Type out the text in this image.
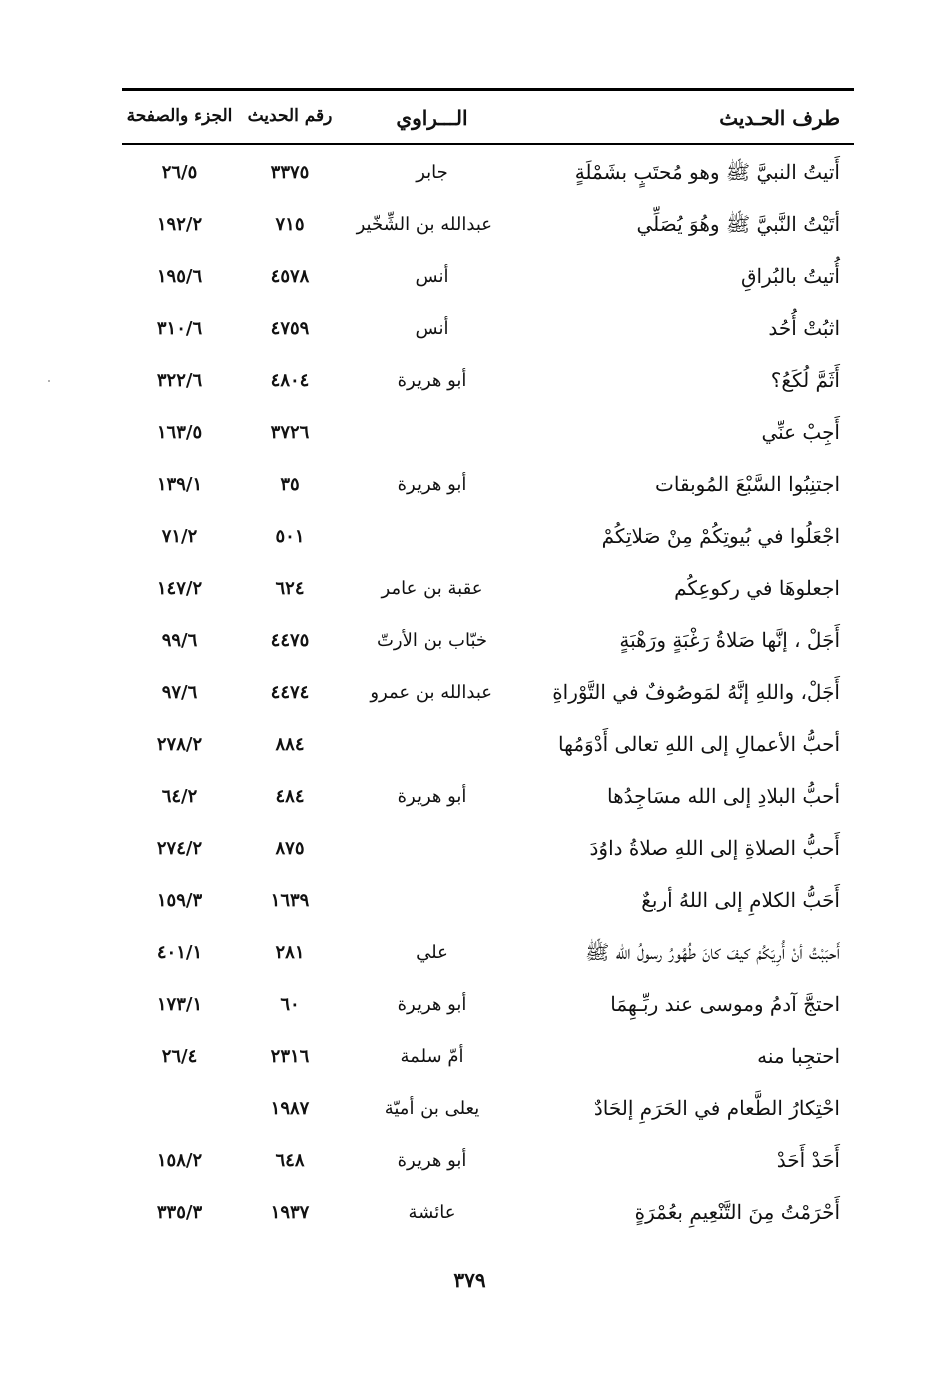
طرف الحـديث
الـــراوي
رقم الحديث
الجزء والصفحة
أَتيتُ النبيَّ ﷺ وهو مُحتَبٍ بشَمْلَةٍ
جابر
٣٣٧٥
٢٦/٥
أتَيْتُ النَّبيَّ ﷺ وهُوَ يُصَلِّي
عبدالله بن الشِّخّير
٧١٥
١٩٢/٢
أُتيتُ بالبُراقِ
أنس
٤٥٧٨
١٩٥/٦
اثبُتْ أُحُد
أنس
٤٧٥٩
٣١٠/٦
أَثَمَّ لُكَعُ؟
أبو هريرة
٤٨٠٤
٣٢٢/٦
أَجِبْ عنِّي
٣٧٢٦
١٦٣/٥
اجتنِبُوا السَّبْعَ المُوبقات
أبو هريرة
٣٥
١٣٩/١
اجْعَلُوا في بُيوتِكُمْ مِنْ صَلاتِكُمْ
٥٠١
٧١/٢
اجعلوهَا في ركوعِكُم
عقبة بن عامر
٦٢٤
١٤٧/٢
أَجَلْ ، إنَّها صَلاةُ رَغْبَةٍ ورَهْبَةٍ
خبّاب بن الأرتّ
٤٤٧٥
٩٩/٦
أَجَلْ، واللهِ إنَّهُ لمَوصُوفٌ في التَّوْراةِ
عبدالله بن عمرو
٤٤٧٤
٩٧/٦
أحبُّ الأعمالِ إلى اللهِ تعالى أَدْوَمُها
٨٨٤
٢٧٨/٢
أحبُّ البلادِ إلى الله مسَاجِدُها
أبو هريرة
٤٨٤
٦٤/٢
أَحبُّ الصلاةِ إلى اللهِ صلاةُ داوُدَ
٨٧٥
٢٧٤/٢
أَحَبُّ الكلامِ إلى اللهُ أربعٌ
١٦٣٩
١٥٩/٣
أَحبَبْتُ أنْ أُرِيَكُمْ كيفَ كانَ طُهُورُ رسولُ الله ﷺ
علي
٢٨١
٤٠١/١
احتجَّ آدمُ وموسى عند ربِّـهِمَا
أبو هريرة
٦٠
١٧٣/١
احتجِبا منه
أمّ سلمة
٢٣١٦
٢٦/٤
احْتِكارُ الطَّعام في الحَرَمِ إلحَادٌ
يعلى بن أميّة
١٩٨٧
أَحَدْ أَحَدْ
أبو هريرة
٦٤٨
١٥٨/٢
أَحْرَمْتُ مِنَ التَّنْعِيمِ بعُمْرَةٍ
عائشة
١٩٣٧
٣٣٥/٣
٣٧٩
